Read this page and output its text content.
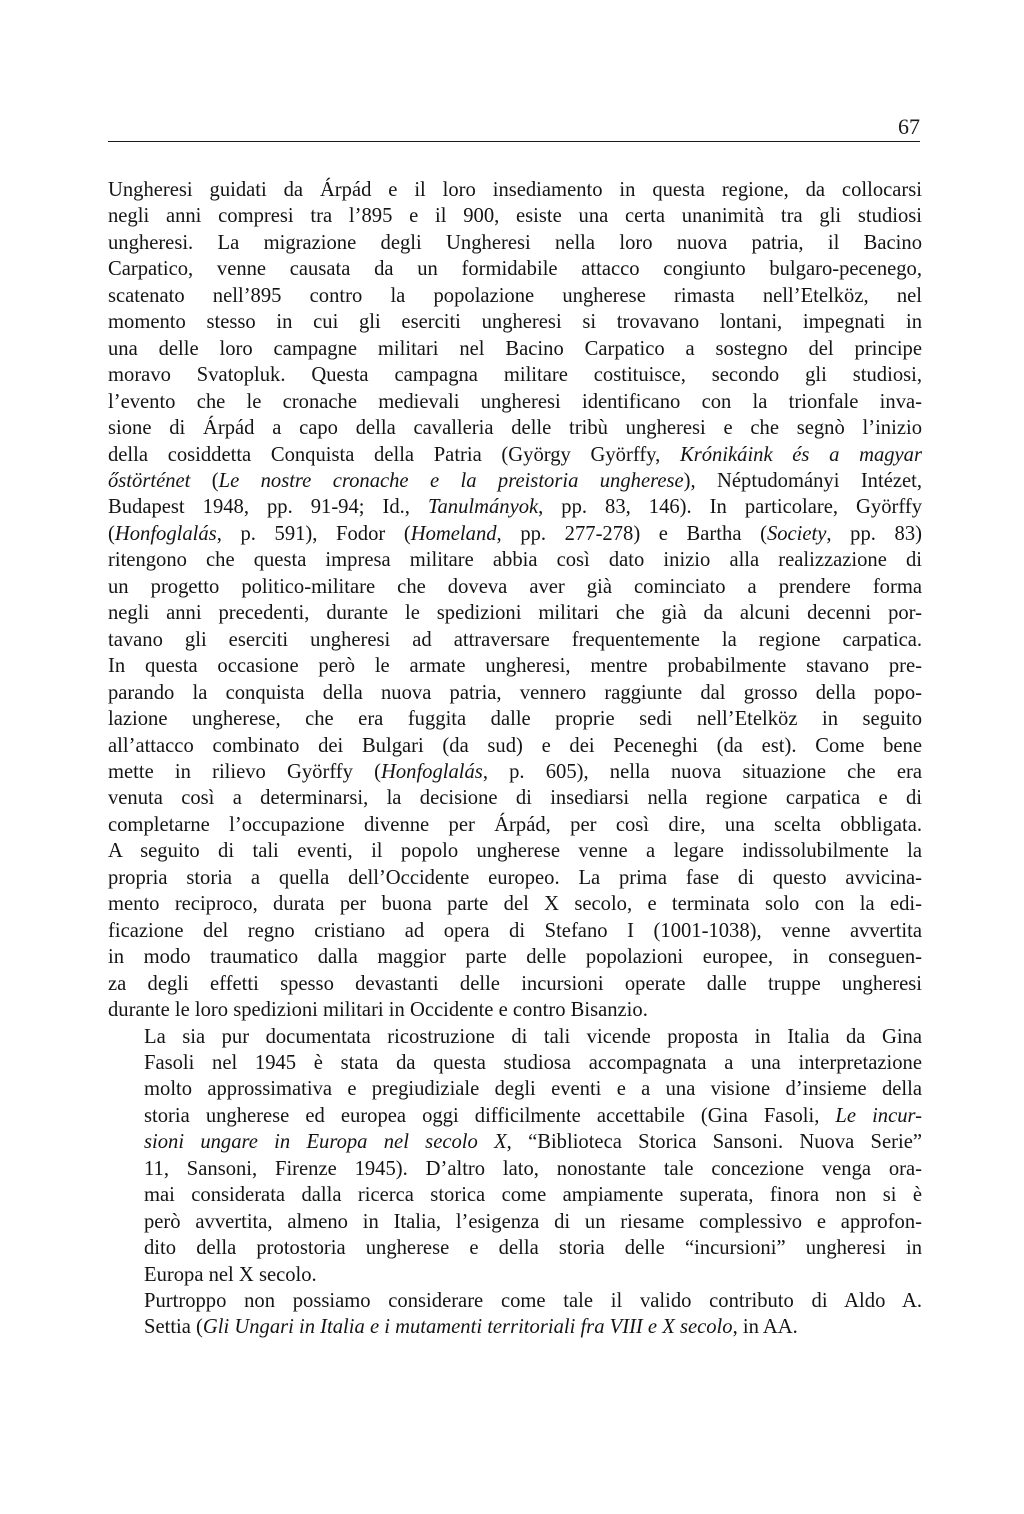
67

Ungheresi guidati da Árpád e il loro insediamento in questa regione, da collocarsi
negli anni compresi tra l’895 e il 900, esiste una certa unanimità tra gli studiosi
ungheresi. La migrazione degli Ungheresi nella loro nuova patria, il Bacino
Carpatico, venne causata da un formidabile attacco congiunto bulgaro-pecenego,
scatenato nell’895 contro la popolazione ungherese rimasta nell’Etelköz, nel
momento stesso in cui gli eserciti ungheresi si trovavano lontani, impegnati in
una delle loro campagne militari nel Bacino Carpatico a sostegno del principe
moravo Svatopluk. Questa campagna militare costituisce, secondo gli studiosi,
l’evento che le cronache medievali ungheresi identificano con la trionfale inva-
sione di Árpád a capo della cavalleria delle tribù ungheresi e che segnò l’inizio
della cosiddetta Conquista della Patria (György Györffy, Krónikáink és a magyar
őstörténet (Le nostre cronache e la preistoria ungherese), Néptudományi Intézet,
Budapest 1948, pp. 91-94; Id., Tanulmányok, pp. 83, 146). In particolare, Györffy
(Honfoglalás, p. 591), Fodor (Homeland, pp. 277-278) e Bartha (Society, pp. 83)
ritengono che questa impresa militare abbia così dato inizio alla realizzazione di
un progetto politico-militare che doveva aver già cominciato a prendere forma
negli anni precedenti, durante le spedizioni militari che già da alcuni decenni por-
tavano gli eserciti ungheresi ad attraversare frequentemente la regione carpatica.
In questa occasione però le armate ungheresi, mentre probabilmente stavano pre-
parando la conquista della nuova patria, vennero raggiunte dal grosso della popo-
lazione ungherese, che era fuggita dalle proprie sedi nell’Etelköz in seguito
all’attacco combinato dei Bulgari (da sud) e dei Peceneghi (da est). Come bene
mette in rilievo Györffy (Honfoglalás, p. 605), nella nuova situazione che era
venuta così a determinarsi, la decisione di insediarsi nella regione carpatica e di
completarne l’occupazione divenne per Árpád, per così dire, una scelta obbligata.
A seguito di tali eventi, il popolo ungherese venne a legare indissolubilmente la
propria storia a quella dell’Occidente europeo. La prima fase di questo avvicina-
mento reciproco, durata per buona parte del X secolo, e terminata solo con la edi-
ficazione del regno cristiano ad opera di Stefano I (1001-1038), venne avvertita
in modo traumatico dalla maggior parte delle popolazioni europee, in conseguen-
za degli effetti spesso devastanti delle incursioni operate dalle truppe ungheresi
durante le loro spedizioni militari in Occidente e contro Bisanzio.

La sia pur documentata ricostruzione di tali vicende proposta in Italia da Gina
Fasoli nel 1945 è stata da questa studiosa accompagnata a una interpretazione
molto approssimativa e pregiudiziale degli eventi e a una visione d’insieme della
storia ungherese ed europea oggi difficilmente accettabile (Gina Fasoli, Le incur-
sioni ungare in Europa nel secolo X, “Biblioteca Storica Sansoni. Nuova Serie”
11, Sansoni, Firenze 1945). D’altro lato, nonostante tale concezione venga ora-
mai considerata dalla ricerca storica come ampiamente superata, finora non si è
però avvertita, almeno in Italia, l’esigenza di un riesame complessivo e approfon-
dito della protostoria ungherese e della storia delle “incursioni” ungheresi in
Europa nel X secolo.

Purtroppo non possiamo considerare come tale il valido contributo di Aldo A.
Settia (Gli Ungari in Italia e i mutamenti territoriali fra VIII e X secolo, in AA.
